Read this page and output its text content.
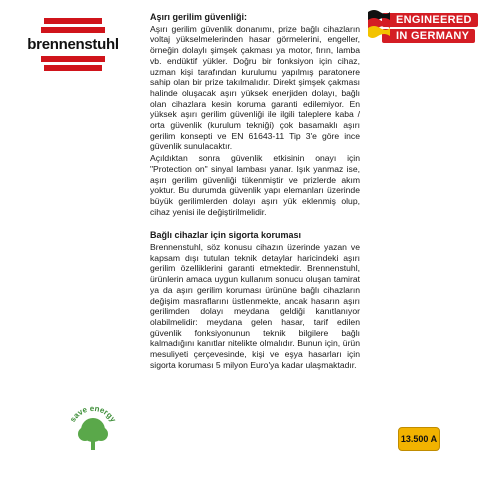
brennenstuhl
ENGINEERED
IN GERMANY
Aşırı gerilim güvenliği:

Aşırı gerilim güvenlik donanımı, prize bağlı cihazların voltaj yükselmelerinden hasar görmelerini, engeller, örneğin dolaylı şimşek çakması ya motor, fırın, lamba vb. endüktif yükler. Doğru bir fonksiyon için cihaz, uzman kişi tarafından kurulumu yapılmış paratonere sahip olan bir prize takılmalıdır. Direkt şimşek çakması halinde oluşacak aşırı yüksek enerjiden dolayı, bağlı olan cihazlara kesin koruma garanti edilemiyor. En yüksek aşırı gerilim güvenliği ile ilgili taleplere kaba / orta güvenlik (kurulum tekniği) çok basamaklı aşırı gerilim konsepti ve EN 61643-11 Tip 3'e göre ince güvenlik sunulacaktır.

Açıldıktan sonra güvenlik etkisinin onayı için "Protection on" sinyal lambası yanar. Işık yanmaz ise, aşırı gerilim güvenliği tükenmiştir ve prizlerde akım yoktur. Bu durumda güvenlik yapı elemanları üzerinde büyük gerilimlerden dolayı aşırı yük eklenmiş olup, cihaz yenisi ile değiştirilmelidir.

Bağlı cihazlar için sigorta koruması

Brennenstuhl, söz konusu cihazın üzerinde yazan ve kapsam dışı tutulan teknik detaylar haricindeki aşırı gerilim özelliklerini garanti etmektedir. Brennenstuhl, ürünlerin amaca uygun kullanım sonucu oluşan tamirat ya da aşırı gerilim koruması ürününe bağlı cihazların değişim masraflarını üstlenmekte, ancak hasarın aşırı gerilimden dolayı meydana geldiği kanıtlanıyor olabilmelidir: meydana gelen hasar, tarif edilen güvenlik fonksiyonunun teknik bilgilere bağlı kalmadığını kanıtlar nitelikte olmalıdır. Bunun için, ürün mesuliyeti çerçevesinde, kişi ve eşya hasarları için sigorta koruması 5 milyon Euro'ya kadar ulaşmaktadır.

save energy
13.500 A
